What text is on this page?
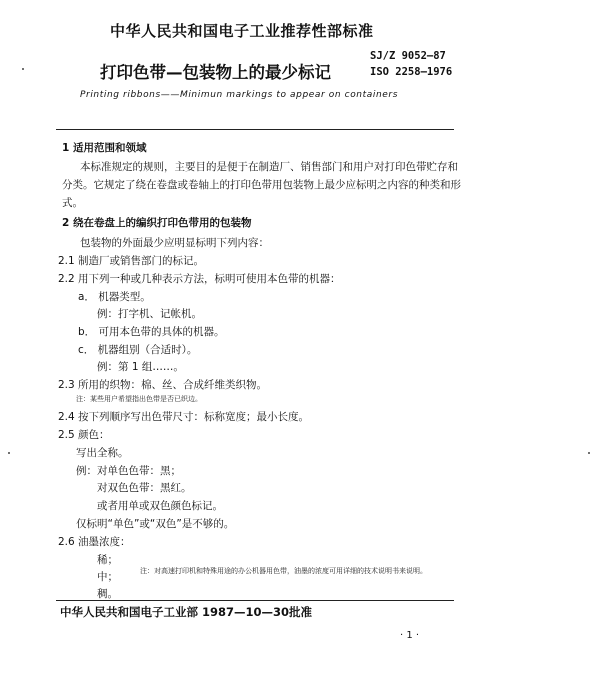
中华人民共和国电子工业推荐性部标准
SJ/Z 9052—87
ISO 2258—1976
打印色带—包装物上的最少标记
Printing ribbons——Minimun markings to appear on containers
1 适用范围和领域
本标准规定的规则，主要目的是便于在制造厂、销售部门和用户对打印色带贮存和
分类。它规定了绕在卷盘或卷轴上的打印色带用包装物上最少应标明之内容的种类和形
式。
2 绕在卷盘上的编织打印色带用的包装物
包装物的外面最少应明显标明下列内容：
2.1 制造厂或销售部门的标记。
2.2 用下列一种或几种表示方法，标明可使用本色带的机器：
a． 机器类型。
例：打字机、记帐机。
b． 可用本色带的具体的机器。
c． 机器组别（合适时）。
例：第 1 组……。
2.3 所用的织物：棉、丝、合成纤维类织物。
注：某些用户希望指出色带是否已织边。
2.4 按下列顺序写出色带尺寸：标称宽度；最小长度。
2.5 颜色：
写出全称。
例：对单色色带：黑；
对双色色带：黑红。
或者用单或双色颜色标记。
仅标明“单色”或“双色”是不够的。
2.6 油墨浓度：
稀；
中；
稠。
注：对高速打印机和特殊用途的办公机器用色带，油墨的浓度可用详细的技术说明书来说明。
中华人民共和国电子工业部 1987—10—30批准
· 1 ·
